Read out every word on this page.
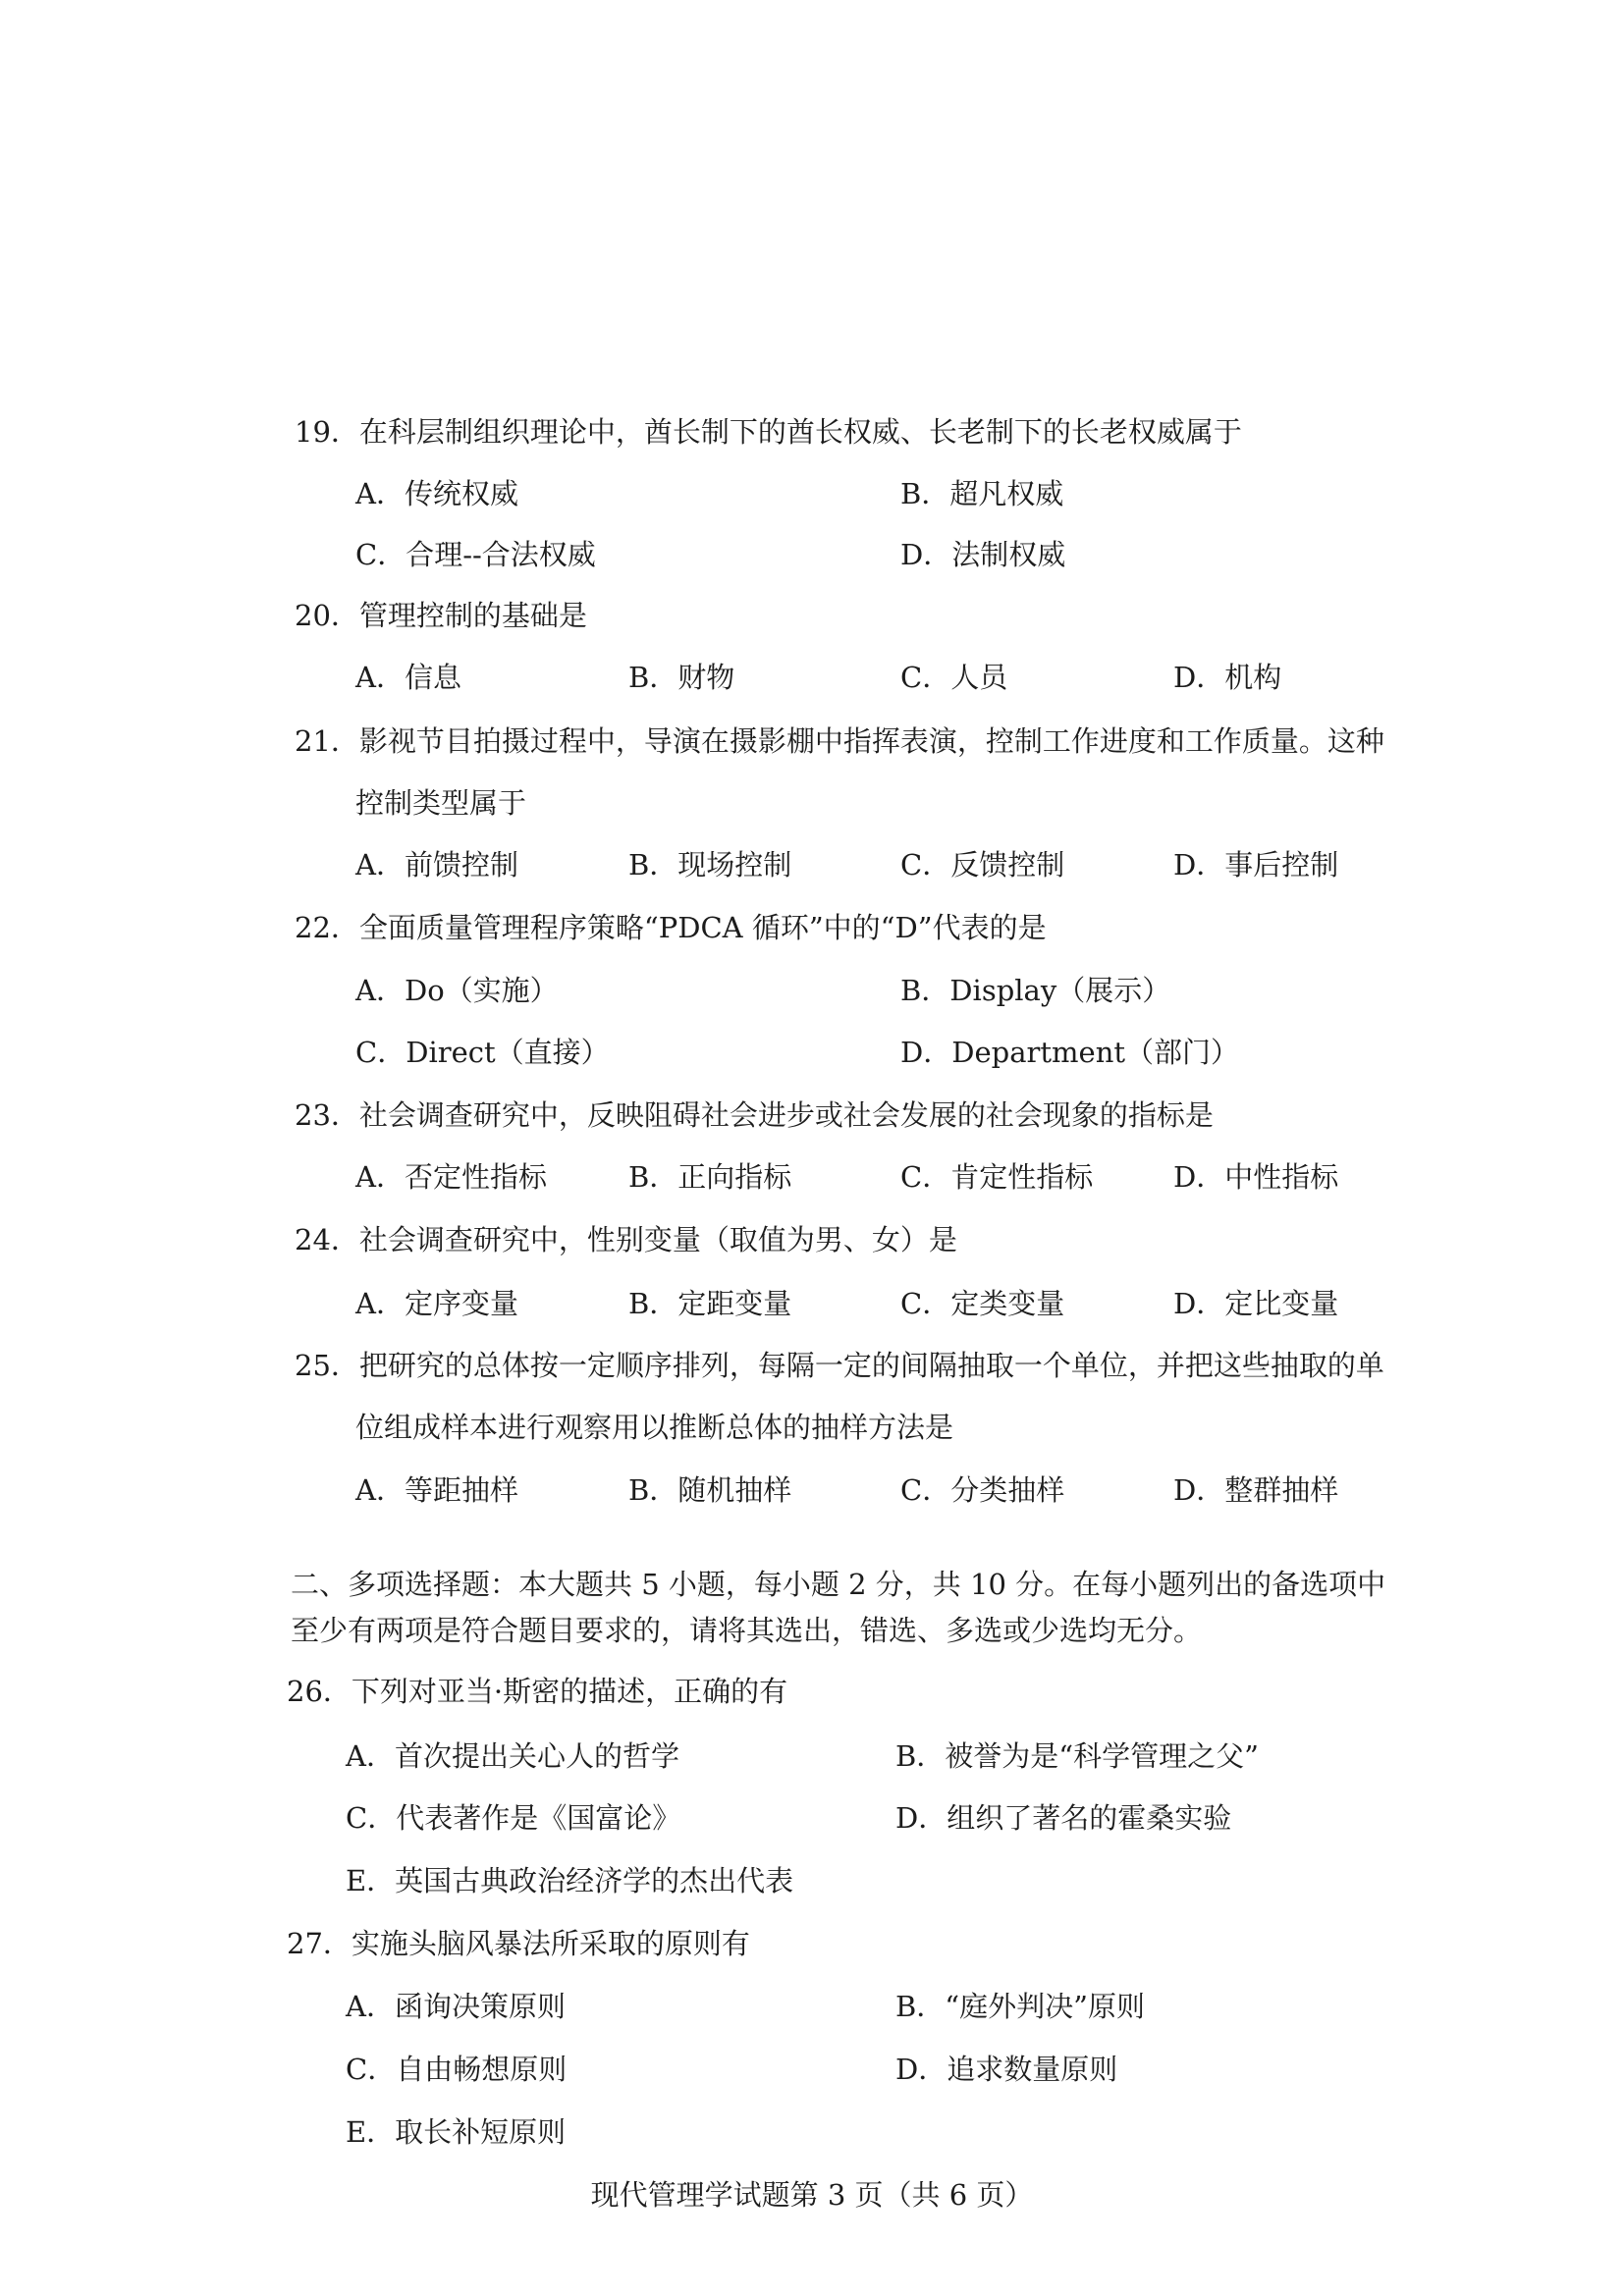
19．在科层制组织理论中，酋长制下的酋长权威、长老制下的长老权威属于
A．传统权威	B．超凡权威
C．合理--合法权威	D．法制权威
20．管理控制的基础是
A．信息	B．财物	C．人员	D．机构
21．影视节目拍摄过程中，导演在摄影棚中指挥表演，控制工作进度和工作质量。这种
控制类型属于
A．前馈控制	B．现场控制	C．反馈控制	D．事后控制
22．全面质量管理程序策略“PDCA 循环”中的“D”代表的是
A．Do（实施）	B．Display（展示）
C．Direct（直接）	D．Department（部门）
23．社会调查研究中，反映阻碍社会进步或社会发展的社会现象的指标是
A．否定性指标	B．正向指标	C．肯定性指标	D．中性指标
24．社会调查研究中，性别变量（取值为男、女）是
A．定序变量	B．定距变量	C．定类变量	D．定比变量
25．把研究的总体按一定顺序排列，每隔一定的间隔抽取一个单位，并把这些抽取的单
位组成样本进行观察用以推断总体的抽样方法是
A．等距抽样	B．随机抽样	C．分类抽样	D．整群抽样
二、多项选择题：本大题共 5 小题，每小题 2 分，共 10 分。在每小题列出的备选项中
至少有两项是符合题目要求的，请将其选出，错选、多选或少选均无分。
26．下列对亚当·斯密的描述，正确的有
A．首次提出关心人的哲学	B．被誉为是“科学管理之父”
C．代表著作是《国富论》	D．组织了著名的霍桑实验
E．英国古典政治经济学的杰出代表
27．实施头脑风暴法所采取的原则有
A．函询决策原则	B．“庭外判决”原则
C．自由畅想原则	D．追求数量原则
E．取长补短原则
现代管理学试题第 3 页（共 6 页）
